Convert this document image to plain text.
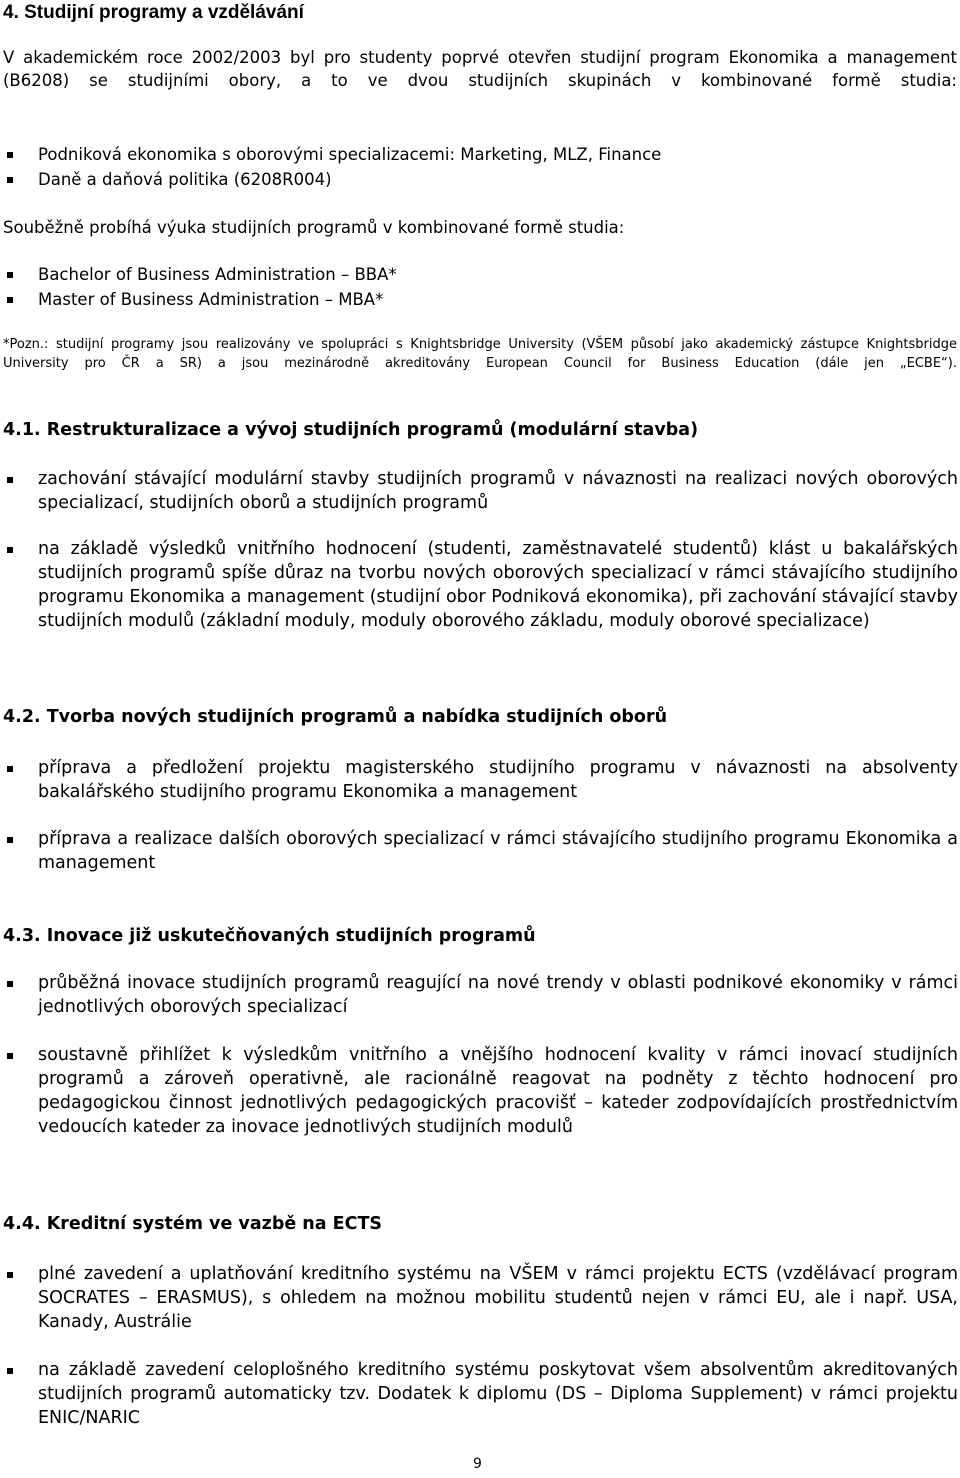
4. Studijní programy a vzdělávání
V akademickém roce 2002/2003 byl pro studenty poprvé otevřen studijní program Ekonomika a management (B6208) se studijními obory, a to ve dvou studijních skupinách v kombinované formě studia:
Podniková ekonomika s oborovými specializacemi: Marketing, MLZ, Finance
Daně a daňová politika (6208R004)
Souběžně probíhá výuka studijních programů v kombinované formě studia:
Bachelor of Business Administration – BBA*
Master of Business Administration – MBA*
*Pozn.: studijní programy jsou realizovány ve spolupráci s Knightsbridge University (VŠEM působí jako akademický zástupce Knightsbridge University pro ČR a SR) a jsou mezinárodně akreditovány European Council for Business Education (dále jen „ECBE“).
4.1. Restrukturalizace a vývoj studijních programů (modulární stavba)
zachování stávající modulární stavby studijních programů v návaznosti na realizaci nových oborových specializací, studijních oborů a studijních programů
na základě výsledků vnitřního hodnocení (studenti, zaměstnavatelé studentů) klást u bakalářských studijních programů spíše důraz na tvorbu nových oborových specializací v rámci stávajícího studijního programu Ekonomika a management (studijní obor Podniková ekonomika), při zachování stávající stavby studijních modulů (základní moduly, moduly oborového základu, moduly oborové specializace)
4.2. Tvorba nových studijních programů a nabídka studijních oborů
příprava a předložení projektu magisterského studijního programu v návaznosti na absolventy bakalářského studijního programu Ekonomika a management
příprava a realizace dalších oborových specializací v rámci stávajícího studijního programu Ekonomika a management
4.3. Inovace již uskutečňovaných studijních programů
průběžná inovace studijních programů reagující na nové trendy v oblasti podnikové ekonomiky v rámci jednotlivých oborových specializací
soustavně přihlížet k výsledkům vnitřního a vnějšího hodnocení kvality v rámci inovací studijních programů a zároveň operativně, ale racionálně reagovat na podněty z těchto hodnocení pro pedagogickou činnost jednotlivých pedagogických pracovišť – kateder zodpovídajících prostřednictvím vedoucích kateder za inovace jednotlivých studijních modulů
4.4. Kreditní systém ve vazbě na ECTS
plné zavedení a uplatňování kreditního systému na VŠEM v rámci projektu ECTS (vzdělávací program SOCRATES – ERASMUS), s ohledem na možnou mobilitu studentů nejen v rámci EU, ale i např. USA, Kanady, Austrálie
na základě zavedení celoplošného kreditního systému poskytovat všem absolventům akreditovaných studijních programů automaticky tzv. Dodatek k diplomu (DS – Diploma Supplement) v rámci projektu ENIC/NARIC
9
